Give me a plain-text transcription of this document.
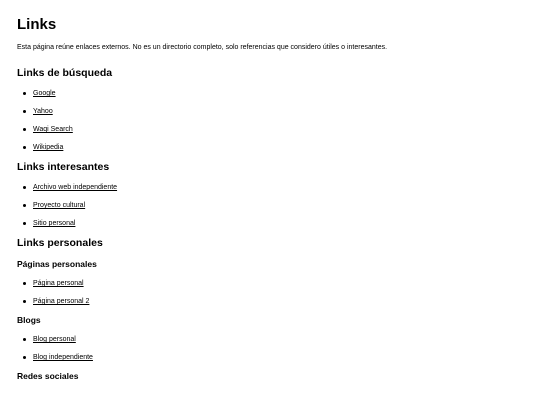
Links

Esta página reúne enlaces externos. No es un directorio completo, solo referencias que considero útiles o interesantes.

Links de búsqueda
Google
Yahoo
Waqi Search
Wikipedia
Links interesantes
Archivo web independiente
Proyecto cultural
Sitio personal
Links personales
Páginas personales
Página personal
Página personal 2
Blogs
Blog personal
Blog independiente
Redes sociales
